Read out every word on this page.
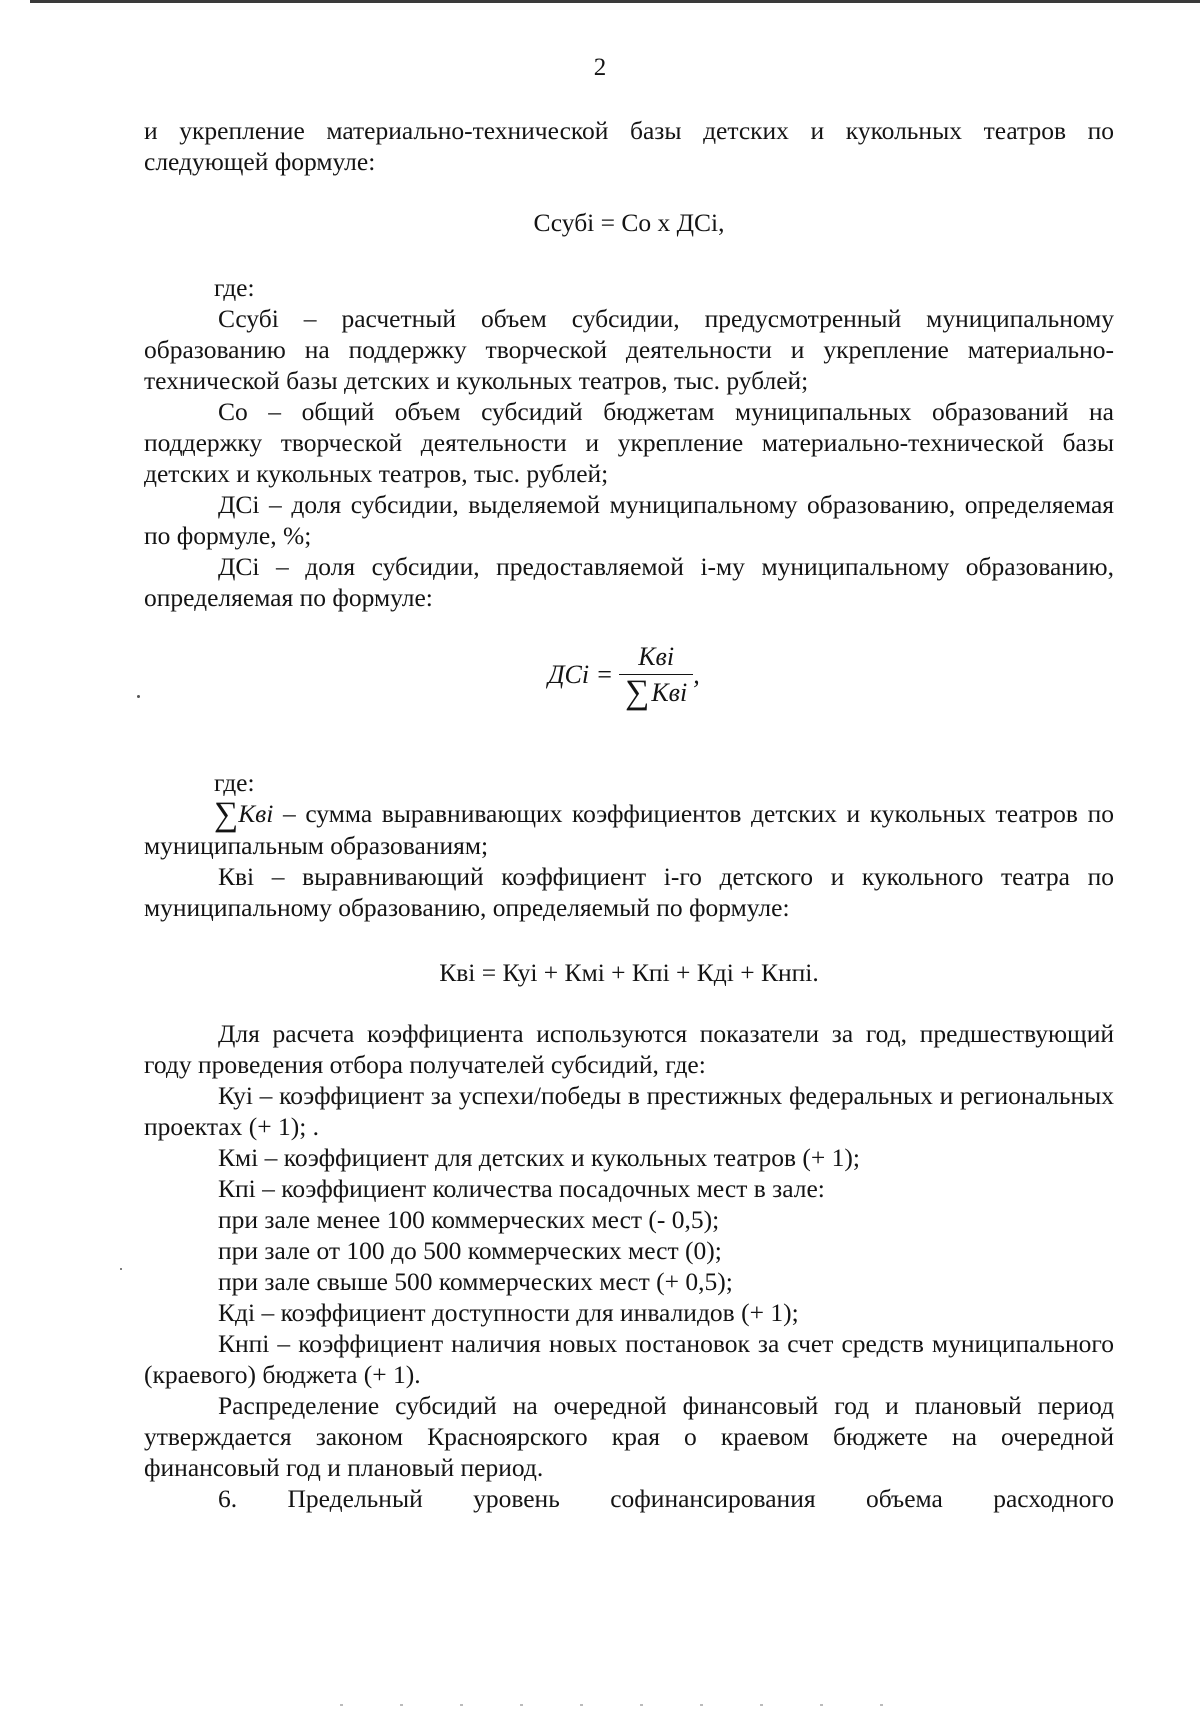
2

и укрепление материально-технической базы детских и кукольных театров по следующей формуле:

Ссубi = Со х ДСi,

где:

Ссубi – расчетный объем субсидии, предусмотренный муниципальному образованию на поддержку творческой деятельности и укрепление материально-технической базы детских и кукольных театров, тыс. рублей;

Со – общий объем субсидий бюджетам муниципальных образований на поддержку творческой деятельности и укрепление материально-технической базы детских и кукольных театров, тыс. рублей;

ДСi – доля субсидии, выделяемой муниципальному образованию, определяемая по формуле, %;

ДСi – доля субсидии, предоставляемой i-му муниципальному образованию, определяемая по формуле:

ДСi = $\frac{\text{Кві}}{\text{∑ Кві}}$ ,

где:

∑Кві – сумма выравнивающих коэффициентов детских и кукольных театров по муниципальным образованиям;

Кві – выравнивающий коэффициент i-го детского и кукольного театра по муниципальному образованию, определяемый по формуле:

Кві = Куi + Кмi + Кпi + Кдi + Кнпi.

Для расчета коэффициента используются показатели за год, предшествующий году проведения отбора получателей субсидий, где:

Куi – коэффициент за успехи/победы в престижных федеральных и региональных проектах (+ 1); .

Кмi – коэффициент для детских и кукольных театров (+ 1);

Кпi – коэффициент количества посадочных мест в зале:

при зале менее 100 коммерческих мест (- 0,5);

при зале от 100 до 500 коммерческих мест (0);

при зале свыше 500 коммерческих мест (+ 0,5);

Кдi – коэффициент доступности для инвалидов (+ 1);

Кнпi – коэффициент наличия новых постановок за счет средств муниципального (краевого) бюджета (+ 1).

Распределение субсидий на очередной финансовый год и плановый период утверждается законом Красноярского края о краевом бюджете на очередной финансовый год и плановый период.

6. Предельный уровень софинансирования объема расходного
